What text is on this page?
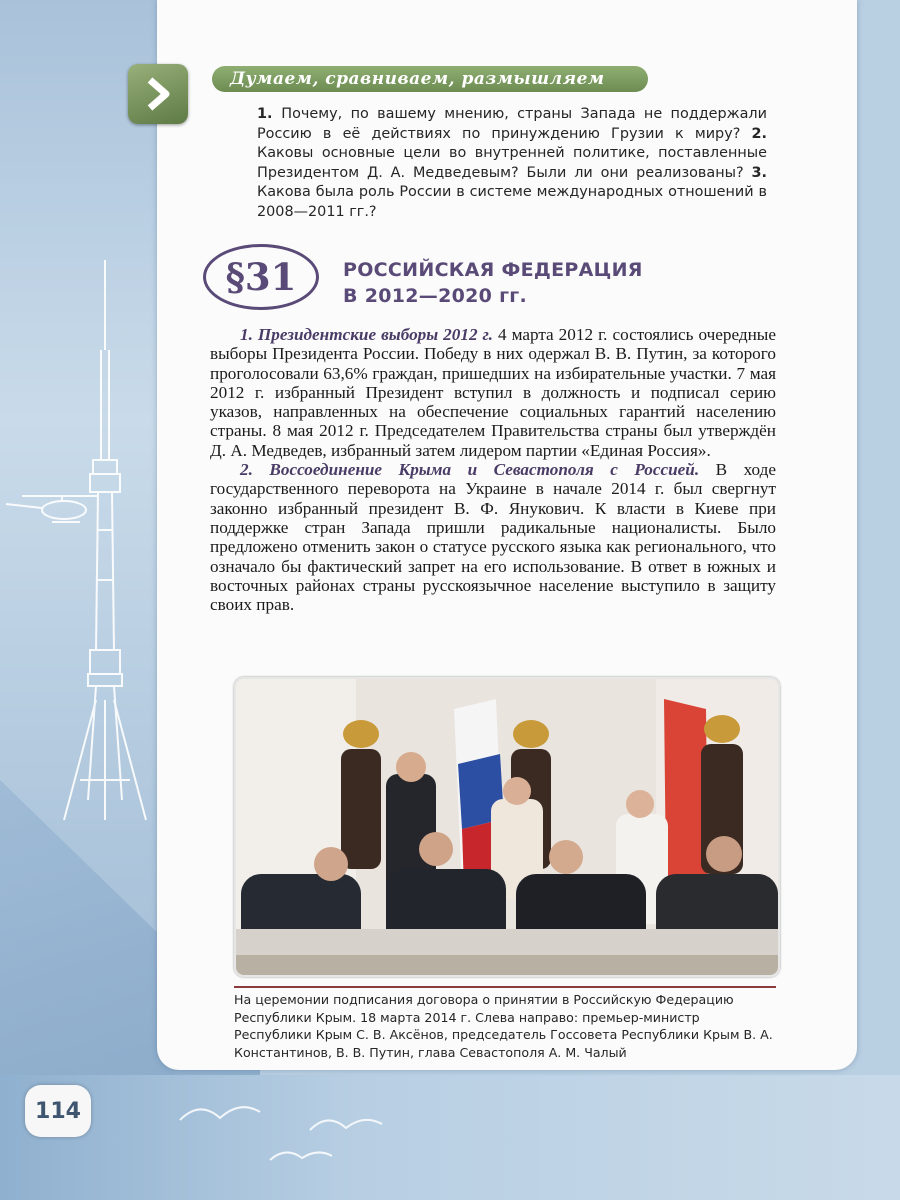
Думаем, сравниваем, размышляем
1. Почему, по вашему мнению, страны Запада не поддержали Россию в её действиях по принуждению Грузии к миру? 2. Каковы основные цели во внутренней политике, поставленные Президентом Д. А. Медведевым? Были ли они реализованы? 3. Какова была роль России в системе международных отношений в 2008—2011 гг.?
§31	РОССИЙСКАЯ ФЕДЕРАЦИЯ
В 2012—2020 гг.

1. Президентские выборы 2012 г. 4 марта 2012 г. состоялись очередные выборы Президента России. Победу в них одержал В. В. Путин, за которого проголосовали 63,6% граждан, пришедших на избирательные участки. 7 мая 2012 г. избранный Президент вступил в должность и подписал серию указов, направленных на обеспечение социальных гарантий населению страны. 8 мая 2012 г. Председателем Правительства страны был утверждён Д. А. Медведев, избранный затем лидером партии «Единая Россия».

2. Воссоединение Крыма и Севастополя с Россией. В ходе государственного переворота на Украине в начале 2014 г. был свергнут законно избранный президент В. Ф. Янукович. К власти в Киеве при поддержке стран Запада пришли радикальные националисты. Было предложено отменить закон о статусе русского языка как регионального, что означало бы фактический запрет на его использование. В ответ в южных и восточных районах страны русскоязычное население выступило в защиту своих прав.

На церемонии подписания договора о принятии в Российскую Федерацию Республики Крым. 18 марта 2014 г. Слева направо: премьер-министр Республики Крым С. В. Аксёнов, председатель Госсовета Республики Крым В. А. Константинов, В. В. Путин, глава Севастополя А. М. Чалый
114
